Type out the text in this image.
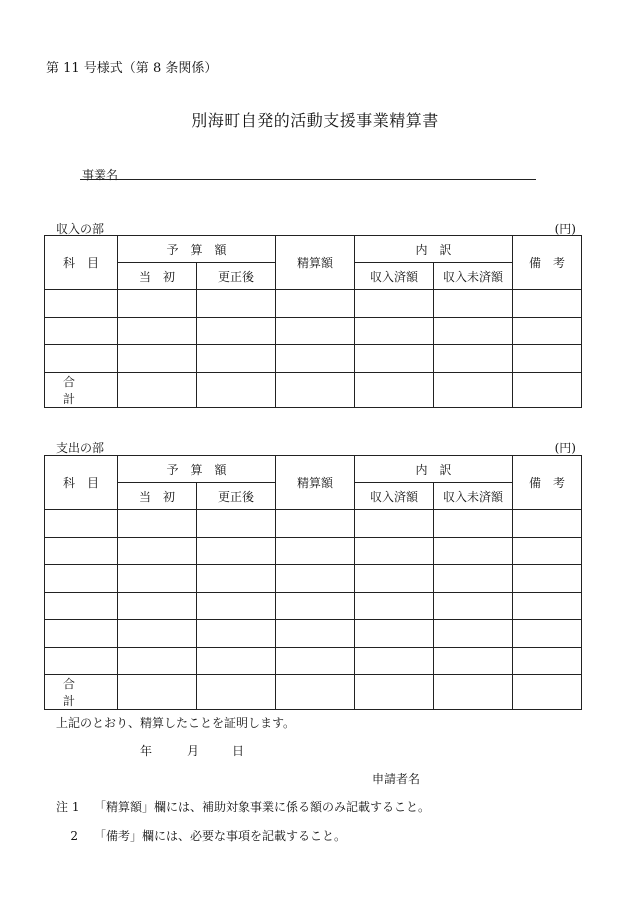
第 11 号様式（第 8 条関係）
別海町自発的活動支援事業精算書
事業名
収入の部	(円)
科　目	予　算　額		精算額	内　訳		備　考
	当　初	更正後		収入済額	収入未済額	

合　計						
支出の部	(円)
科　目	予　算　額		精算額	内　訳		備　考
	当　初	更正後		収入済額	収入未済額	

合　計						
上記のとおり、精算したことを証明します。
年	月	日
申請者名
注 1 「精算額」欄には、補助対象事業に係る額のみ記載すること。
2 「備考」欄には、必要な事項を記載すること。
